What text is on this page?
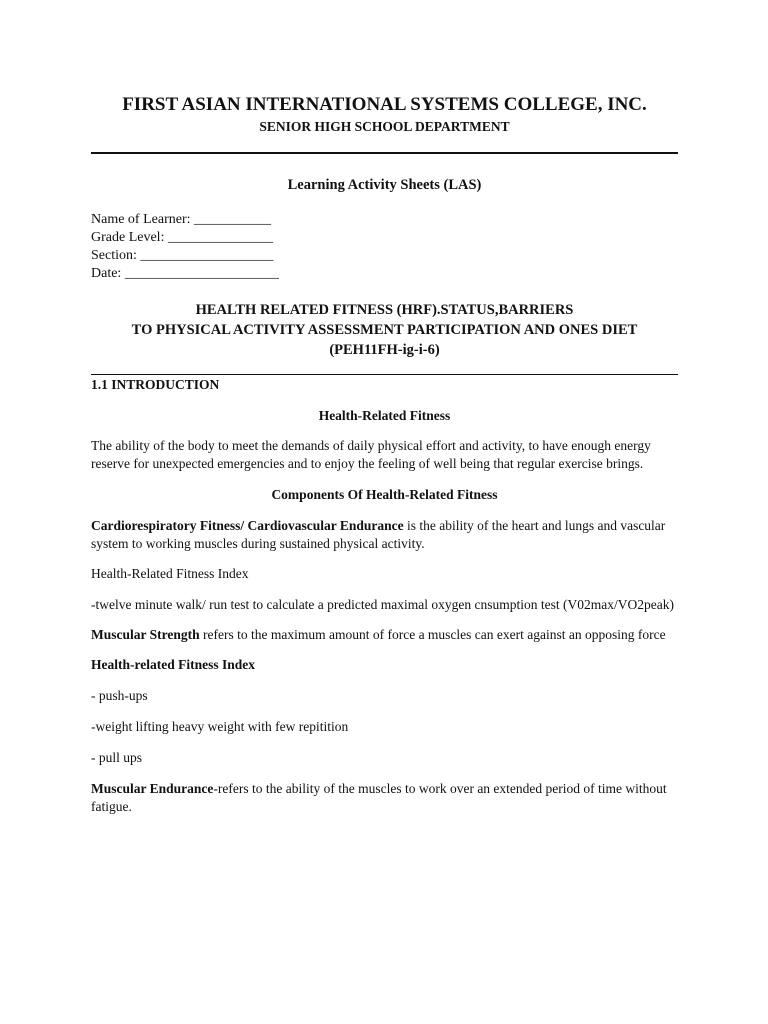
FIRST ASIAN INTERNATIONAL SYSTEMS COLLEGE, INC.
SENIOR HIGH SCHOOL DEPARTMENT
Learning Activity Sheets (LAS)
Name of Learner: ___________
Grade Level: _______________
Section: ___________________
Date: ______________________
HEALTH RELATED FITNESS (HRF).STATUS,BARRIERS
TO PHYSICAL ACTIVITY ASSESSMENT PARTICIPATION AND ONES DIET
(PEH11FH-ig-i-6)

1.1 INTRODUCTION

Health-Related Fitness

The ability of the body to meet the demands of daily physical effort and activity, to have enough energy reserve for unexpected emergencies and to enjoy the feeling of well being that regular exercise brings.

Components Of Health-Related Fitness

Cardiorespiratory Fitness/ Cardiovascular Endurance is the ability of the heart and lungs and vascular system to working muscles during sustained physical activity.

Health-Related Fitness Index

-twelve minute walk/ run test to calculate a predicted maximal oxygen cnsumption test (V02max/VO2peak)

Muscular Strength refers to the maximum amount of force a muscles can exert against an opposing force

Health-related Fitness Index

- push-ups

-weight lifting heavy weight with few repitition

- pull ups

Muscular Endurance-refers to the ability of the muscles to work over an extended period of time without fatigue.
